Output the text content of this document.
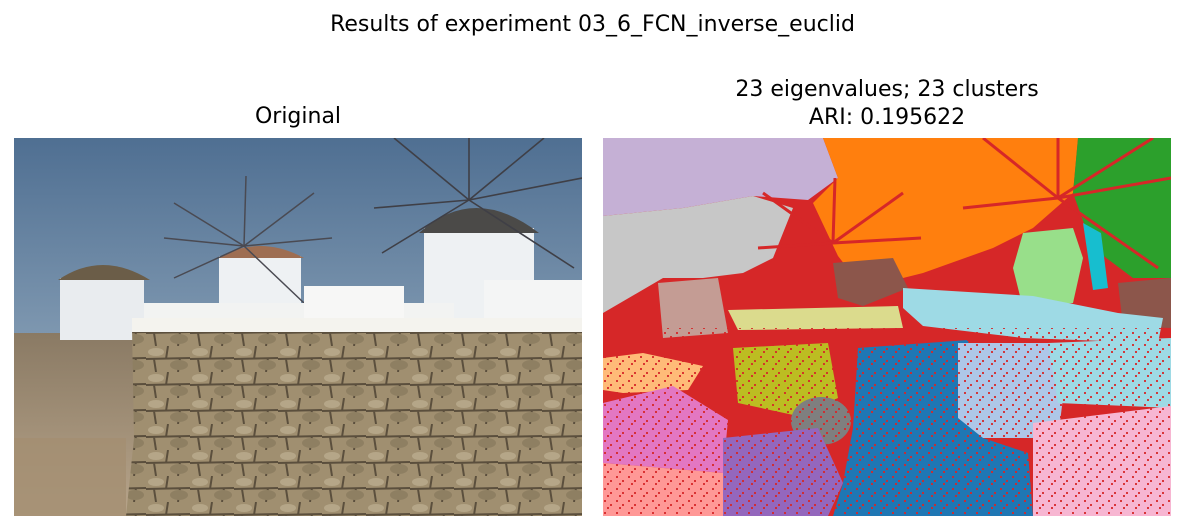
Results of experiment 03_6_FCN_inverse_euclid
Original
23 eigenvalues; 23 clusters
ARI: 0.195622
